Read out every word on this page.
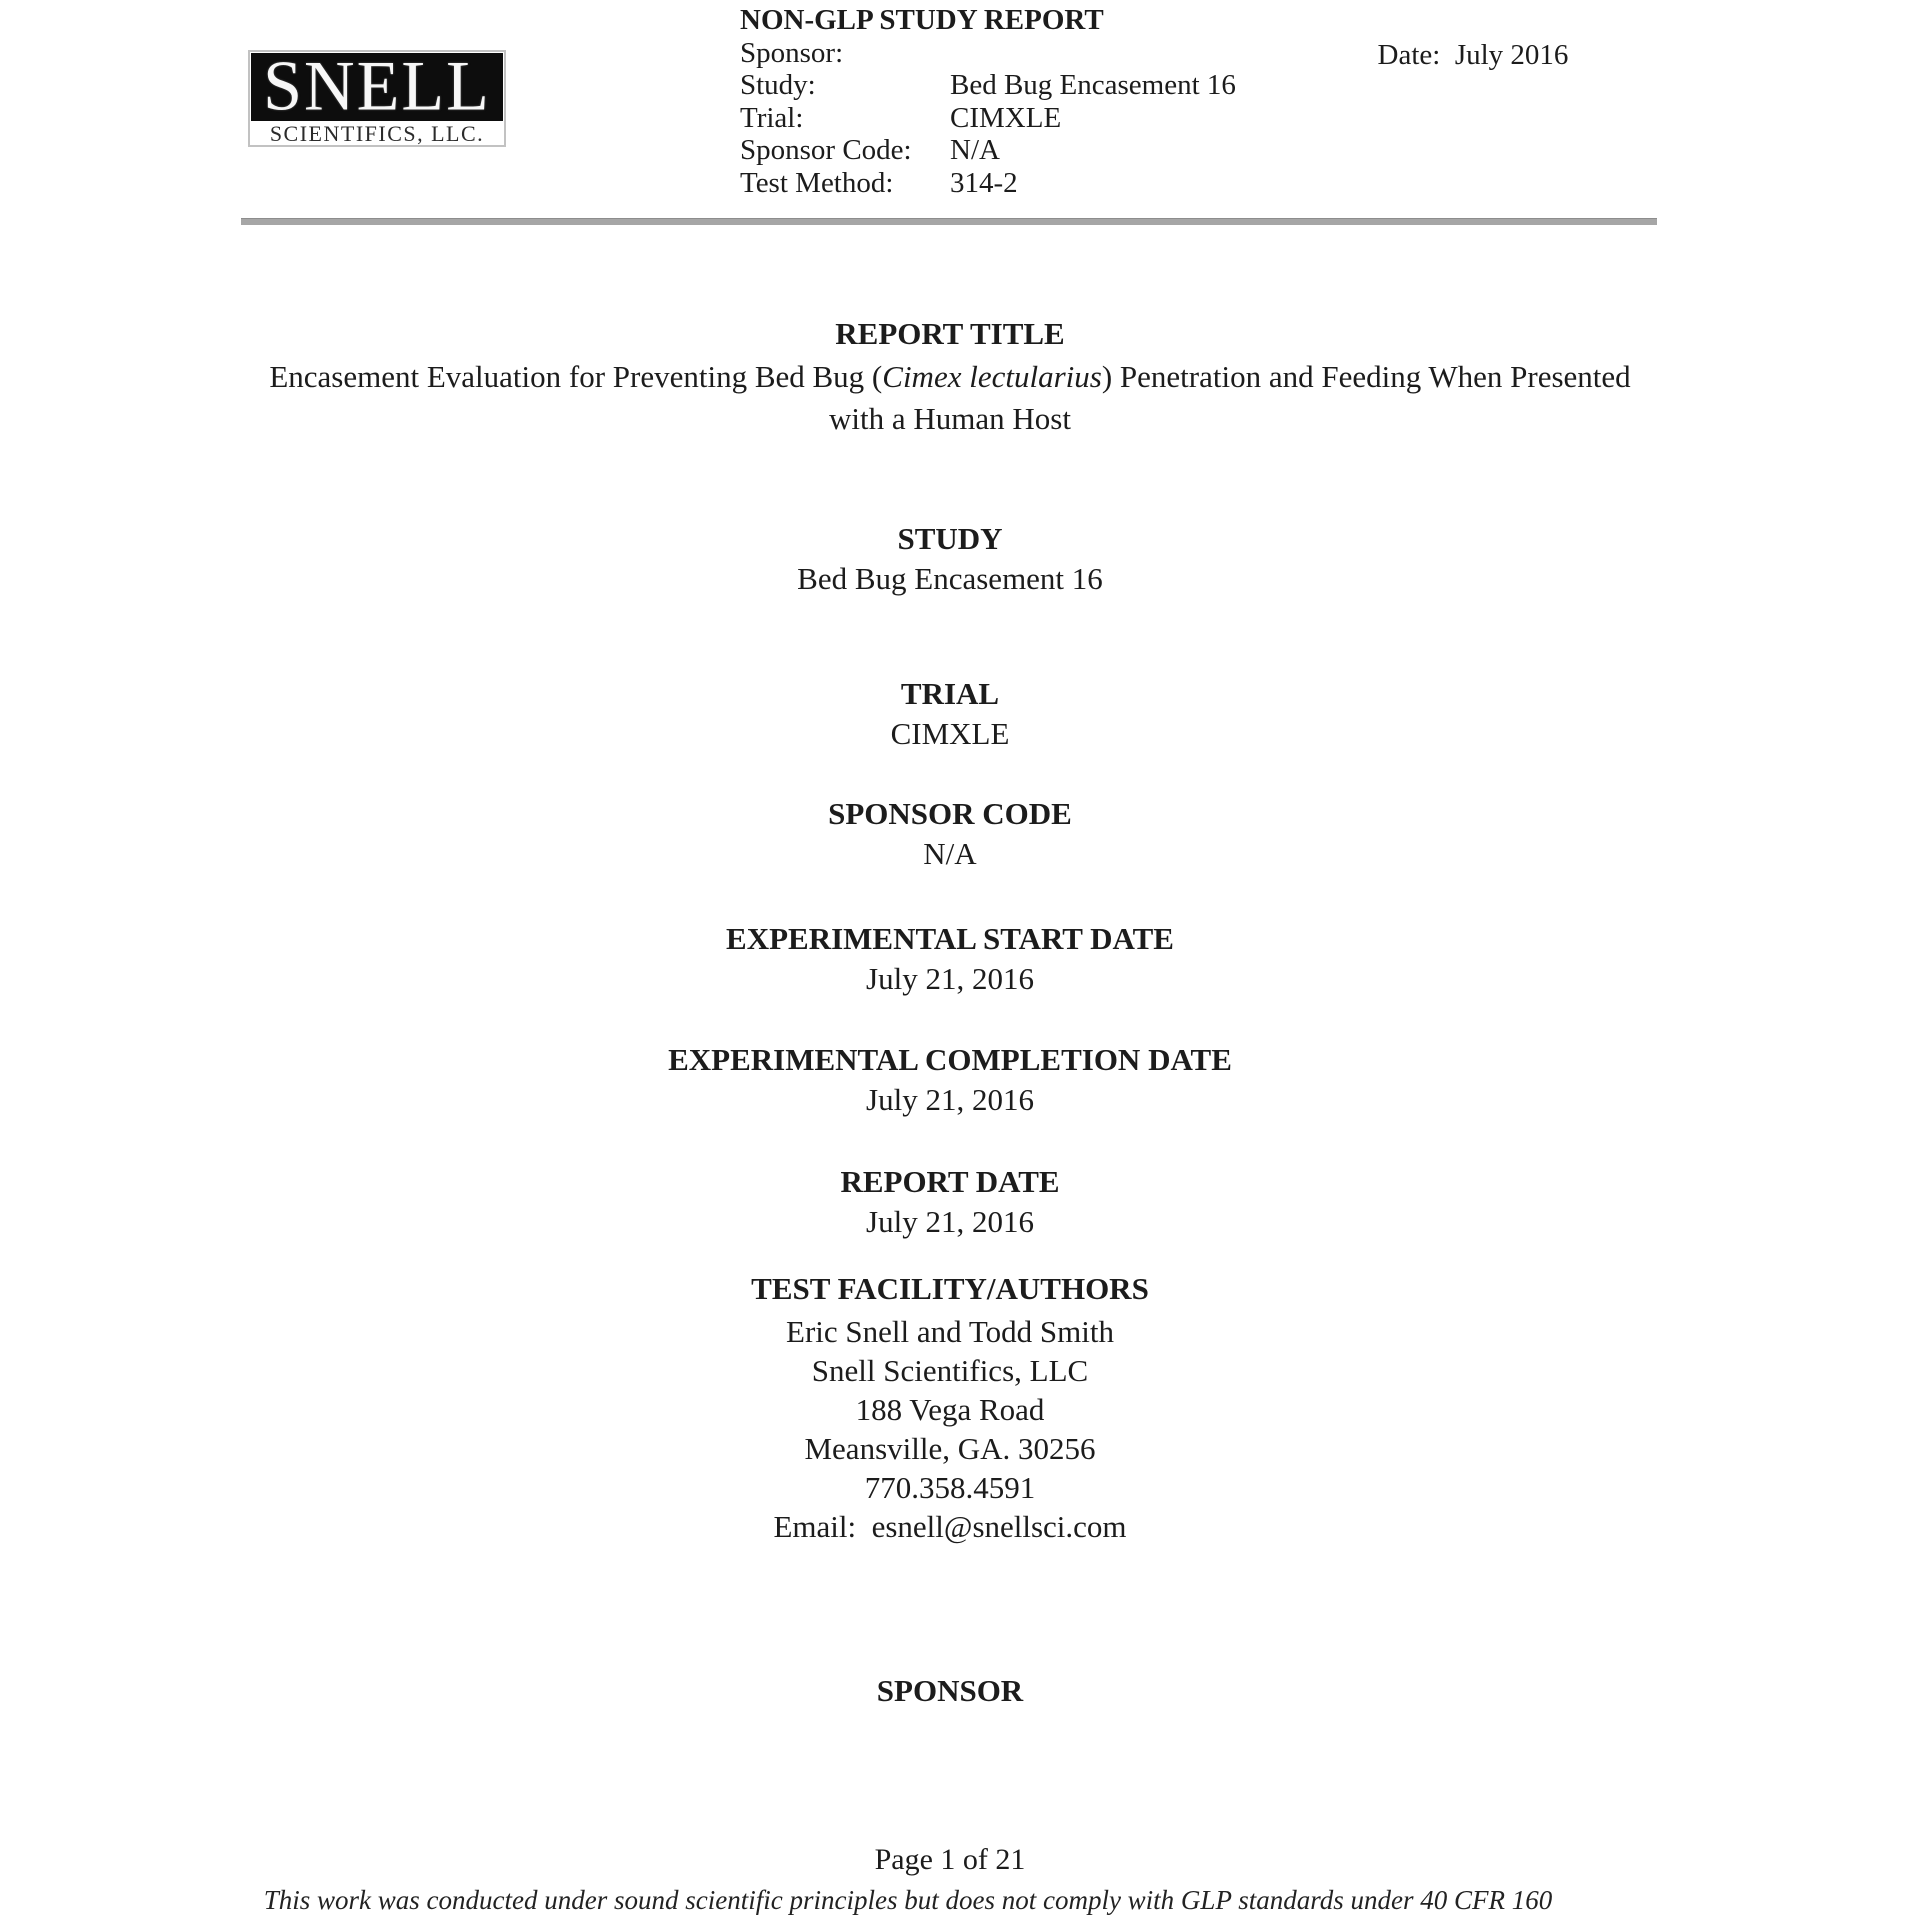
SNELL
SCIENTIFICS, LLC.
NON-GLP STUDY REPORT
Sponsor:
Study:	Bed Bug Encasement 16
Trial:	CIMXLE
Sponsor Code:	N/A
Test Method:	314-2

Date:  July 2016

REPORT TITLE
Encasement Evaluation for Preventing Bed Bug (Cimex lectularius) Penetration and Feeding When Presented with a Human Host
STUDY
Bed Bug Encasement 16
TRIAL
CIMXLE
SPONSOR CODE
N/A
EXPERIMENTAL START DATE
July 21, 2016
EXPERIMENTAL COMPLETION DATE
July 21, 2016
REPORT DATE
July 21, 2016
TEST FACILITY/AUTHORS
Eric Snell and Todd Smith
Snell Scientifics, LLC
188 Vega Road
Meansville, GA. 30256
770.358.4591
Email:  esnell@snellsci.com
SPONSOR
Page 1 of 21
This work was conducted under sound scientific principles but does not comply with GLP standards under 40 CFR 160
